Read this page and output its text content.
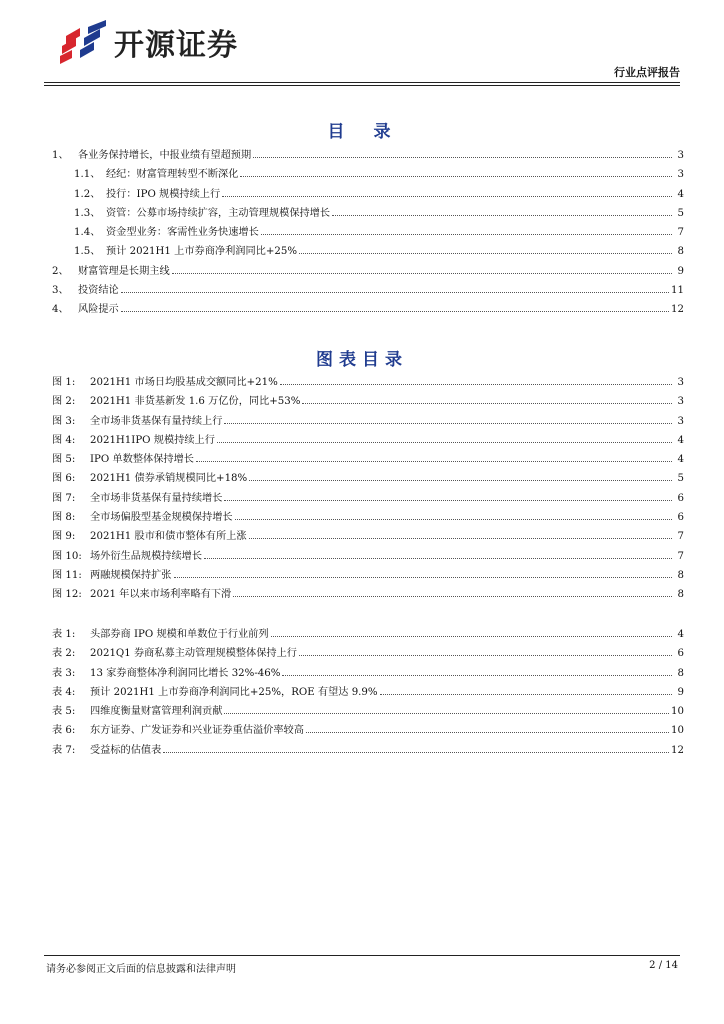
开源证券
行业点评报告
目　录
1、 各业务保持增长，中报业绩有望超预期	3
1.1、 经纪：财富管理转型不断深化	3
1.2、 投行：IPO 规模持续上行	4
1.3、 资管：公募市场持续扩容，主动管理规模保持增长	5
1.4、 资金型业务：客需性业务快速增长	7
1.5、 预计 2021H1 上市券商净利润同比+25%	8
2、 财富管理是长期主线	9
3、 投资结论	11
4、 风险提示	12
图表目录
图 1:	2021H1 市场日均股基成交额同比+21%	3
图 2:	2021H1 非货基新发 1.6 万亿份，同比+53%	3
图 3:	全市场非货基保有量持续上行	3
图 4:	2021H1IPO 规模持续上行	4
图 5:	IPO 单数整体保持增长	4
图 6:	2021H1 债券承销规模同比+18%	5
图 7:	全市场非货基保有量持续增长	6
图 8:	全市场偏股型基金规模保持增长	6
图 9:	2021H1 股市和债市整体有所上涨	7
图 10: 场外衍生品规模持续增长	7
图 11: 两融规模保持扩张	8
图 12: 2021 年以来市场利率略有下滑	8
表 1:	头部券商 IPO 规模和单数位于行业前列	4
表 2:	2021Q1 券商私募主动管理规模整体保持上行	6
表 3:	13 家券商整体净利润同比增长 32%-46%	8
表 4:	预计 2021H1 上市券商净利润同比+25%，ROE 有望达 9.9%	9
表 5:	四维度衡量财富管理利润贡献	10
表 6:	东方证券、广发证券和兴业证券重估溢价率较高	10
表 7:	受益标的估值表	12
请务必参阅正文后面的信息披露和法律声明	2 / 14
